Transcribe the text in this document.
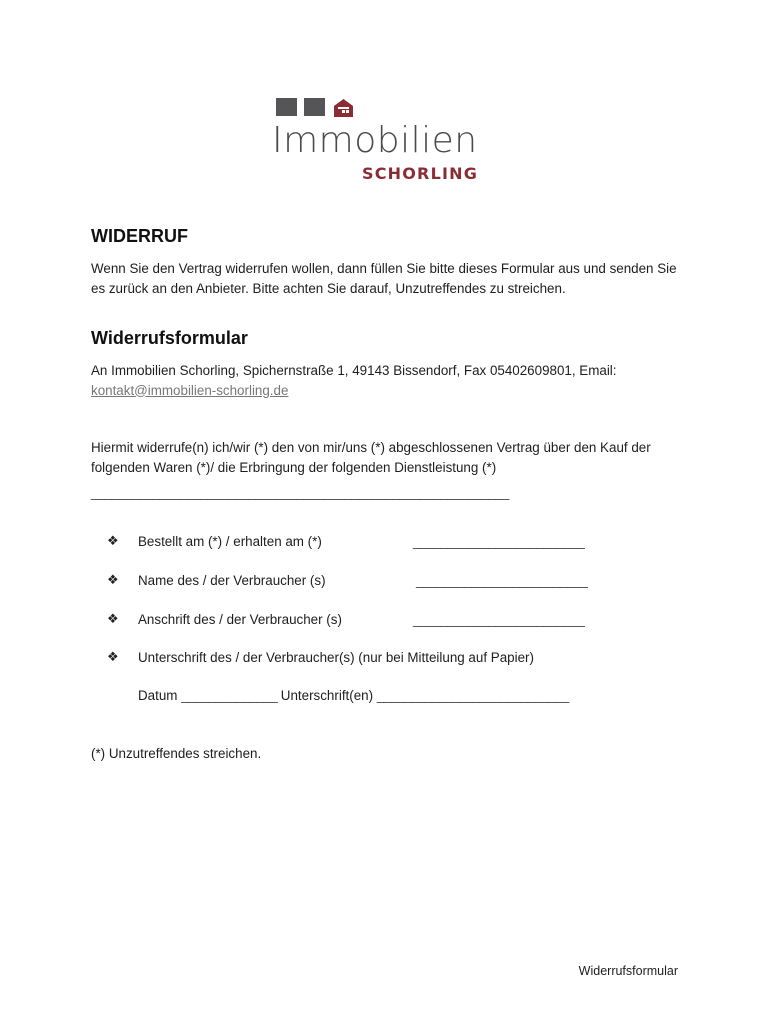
Immobilien
SCHORLING
WIDERRUF
Wenn Sie den Vertrag widerrufen wollen, dann füllen Sie bitte dieses Formular aus und senden Sie es zurück an den Anbieter. Bitte achten Sie darauf, Unzutreffendes zu streichen.
Widerrufsformular
An Immobilien Schorling, Spichernstraße 1, 49143 Bissendorf, Fax 05402609801, Email:
kontakt@immobilien-schorling.de
Hiermit widerrufe(n) ich/wir (*) den von mir/uns (*) abgeschlossenen Vertrag über den Kauf der folgenden Waren (*)/ die Erbringung der folgenden Dienstleistung (*)
_____________________________________________________________
❖ Bestellt am (*) / erhalten am (*)	_________________________
❖ Name des / der Verbraucher (s)	_________________________
❖ Anschrift des / der Verbraucher (s)	_________________________
❖ Unterschrift des / der Verbraucher(s) (nur bei Mitteilung auf Papier)
Datum ______________ Unterschrift(en) ____________________________
(*) Unzutreffendes streichen.
Widerrufsformular
